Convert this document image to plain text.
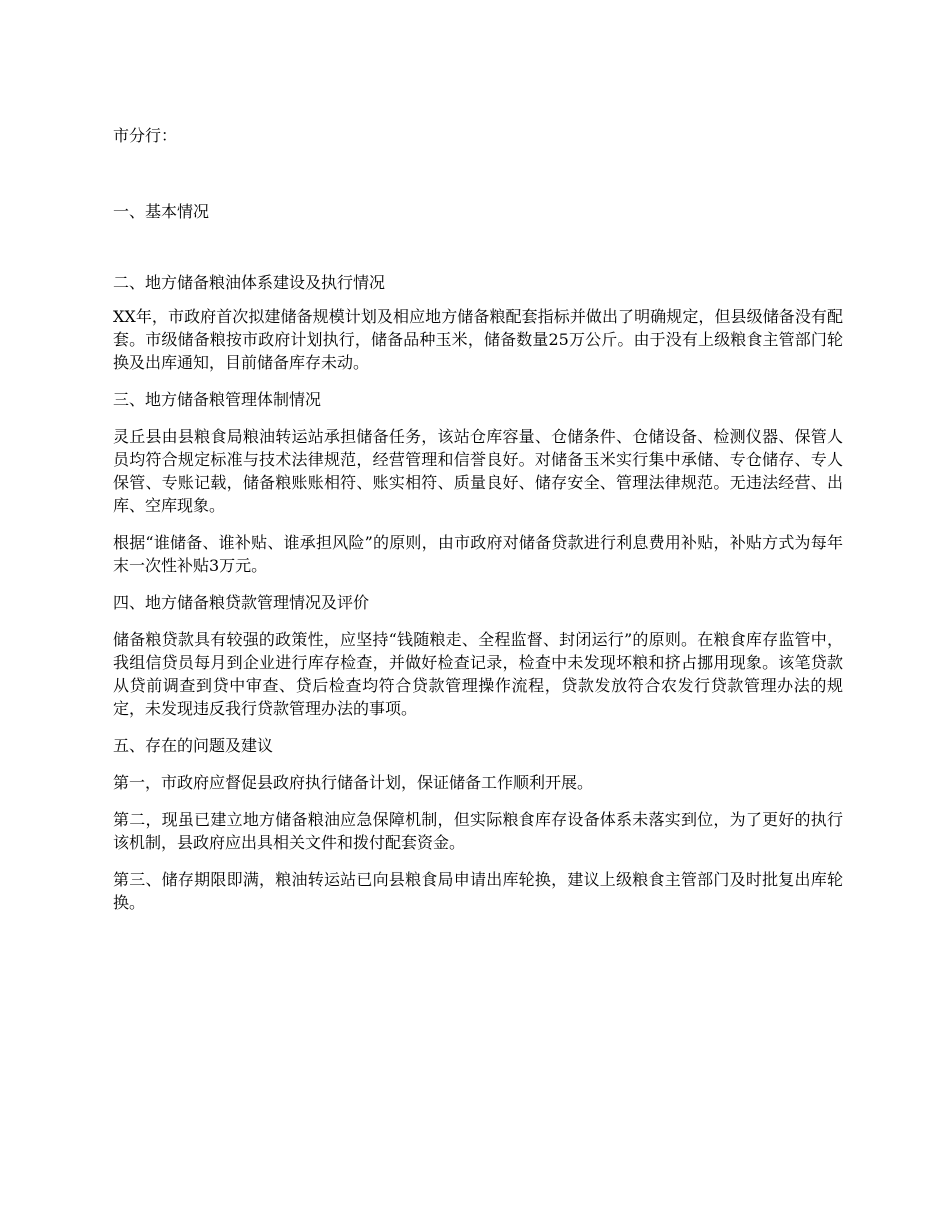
市分行：

一、基本情况

二、地方储备粮油体系建设及执行情况

XX年，市政府首次拟建储备规模计划及相应地方储备粮配套指标并做出了明确规定，但县级储备没有配套。市级储备粮按市政府计划执行，储备品种玉米，储备数量25万公斤。由于没有上级粮食主管部门轮换及出库通知，目前储备库存未动。

三、地方储备粮管理体制情况

灵丘县由县粮食局粮油转运站承担储备任务，该站仓库容量、仓储条件、仓储设备、检测仪器、保管人员均符合规定标准与技术法律规范，经营管理和信誉良好。对储备玉米实行集中承储、专仓储存、专人保管、专账记载，储备粮账账相符、账实相符、质量良好、储存安全、管理法律规范。无违法经营、出库、空库现象。

根据“谁储备、谁补贴、谁承担风险”的原则，由市政府对储备贷款进行利息费用补贴，补贴方式为每年末一次性补贴3万元。

四、地方储备粮贷款管理情况及评价

储备粮贷款具有较强的政策性，应坚持“钱随粮走、全程监督、封闭运行”的原则。在粮食库存监管中，我组信贷员每月到企业进行库存检查，并做好检查记录，检查中未发现坏粮和挤占挪用现象。该笔贷款从贷前调查到贷中审查、贷后检查均符合贷款管理操作流程，贷款发放符合农发行贷款管理办法的规定，未发现违反我行贷款管理办法的事项。

五、存在的问题及建议

第一，市政府应督促县政府执行储备计划，保证储备工作顺利开展。

第二，现虽已建立地方储备粮油应急保障机制，但实际粮食库存设备体系未落实到位，为了更好的执行该机制，县政府应出具相关文件和拨付配套资金。

第三、储存期限即满，粮油转运站已向县粮食局申请出库轮换，建议上级粮食主管部门及时批复出库轮换。
